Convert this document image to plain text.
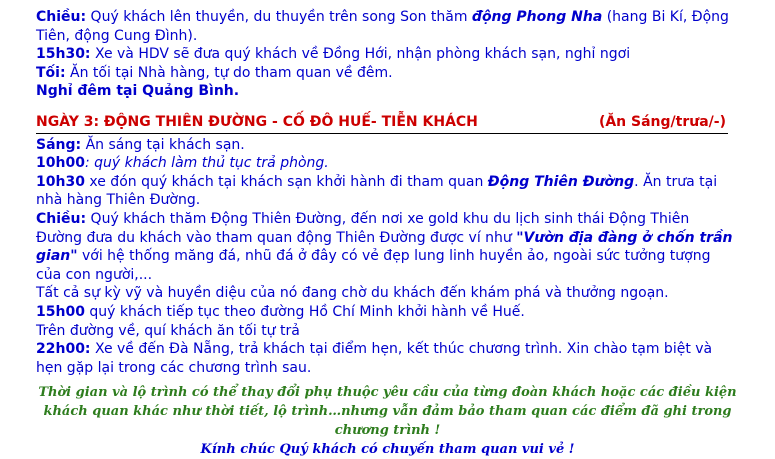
Chiều: Quý khách lên thuyền, du thuyền trên song Son thăm động Phong Nha (hang Bi Kí, Động Tiên, động Cung Đình).

15h30: Xe và HDV sẽ đưa quý khách về Đồng Hới, nhận phòng khách sạn, nghỉ ngơi

Tối: Ăn tối tại Nhà hàng, tự do tham quan về đêm.

Nghỉ đêm tại Quảng Bình.

NGÀY 3: ĐỘNG THIÊN ĐƯỜNG - CỐ ĐÔ HUẾ- TIỄN KHÁCH	(Ăn Sáng/trưa/-)

Sáng: Ăn sáng tại khách sạn.

10h00: quý khách làm thủ tục trả phòng.

10h30 xe đón quý khách tại khách sạn khởi hành đi tham quan Động Thiên Đường. Ăn trưa tại nhà hàng Thiên Đường.

Chiều: Quý khách thăm Động Thiên Đường, đến nơi xe gold khu du lịch sinh thái Động Thiên Đường đưa du khách vào tham quan động Thiên Đường được ví như "Vườn địa đàng ở chốn trần gian" với hệ thống măng đá, nhũ đá ở đây có vẻ đẹp lung linh huyền ảo, ngoài sức tưởng tượng của con người,...

Tất cả sự kỳ vỹ và huyền diệu của nó đang chờ du khách đến khám phá và thưởng ngoạn.

15h00 quý khách tiếp tục theo đường Hồ Chí Minh khởi hành về Huế.

Trên đường về, quí khách ăn tối tự trả

22h00: Xe về đến Đà Nẵng, trả khách tại điểm hẹn, kết thúc chương trình. Xin chào tạm biệt và hẹn gặp lại trong các chương trình sau.

Thời gian và lộ trình có thể thay đổi phụ thuộc yêu cầu của từng đoàn khách hoặc các điều kiện khách quan khác như thời tiết, lộ trình…nhưng vẫn đảm bảo tham quan các điểm đã ghi trong chương trình !
Kính chúc Quý khách có chuyến tham quan vui vẻ !
